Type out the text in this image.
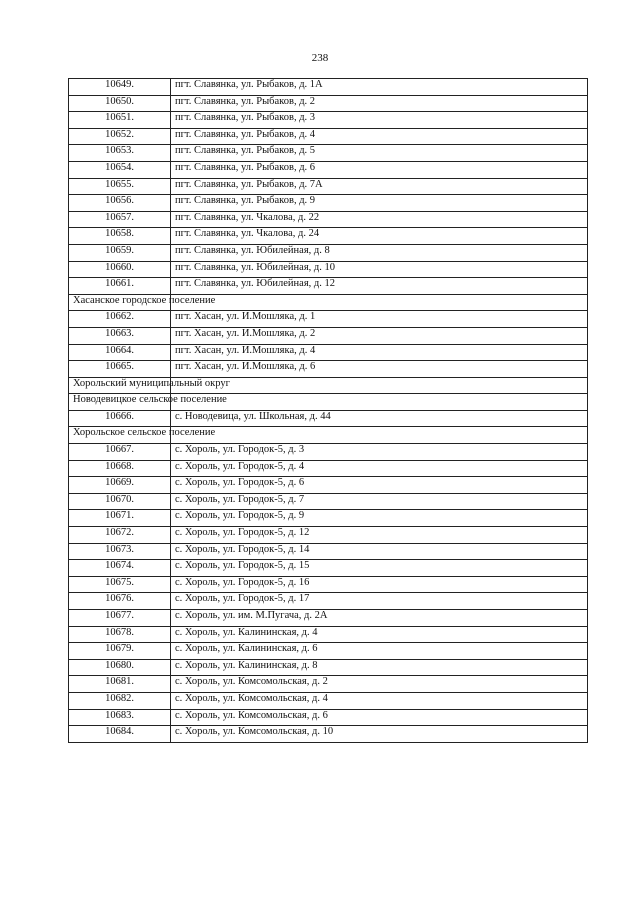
238
10649.	пгт. Славянка, ул. Рыбаков, д. 1А
10650.	пгт. Славянка, ул. Рыбаков, д. 2
10651.	пгт. Славянка, ул. Рыбаков, д. 3
10652.	пгт. Славянка, ул. Рыбаков, д. 4
10653.	пгт. Славянка, ул. Рыбаков, д. 5
10654.	пгт. Славянка, ул. Рыбаков, д. 6
10655.	пгт. Славянка, ул. Рыбаков, д. 7А
10656.	пгт. Славянка, ул. Рыбаков, д. 9
10657.	пгт. Славянка, ул. Чкалова, д. 22
10658.	пгт. Славянка, ул. Чкалова, д. 24
10659.	пгт. Славянка, ул. Юбилейная, д. 8
10660.	пгт. Славянка, ул. Юбилейная, д. 10
10661.	пгт. Славянка, ул. Юбилейная, д. 12
Хасанское городское поселение	
10662.	пгт. Хасан, ул. И.Мошляка, д. 1
10663.	пгт. Хасан, ул. И.Мошляка, д. 2
10664.	пгт. Хасан, ул. И.Мошляка, д. 4
10665.	пгт. Хасан, ул. И.Мошляка, д. 6
Хорольский муниципальный округ	
Новодевицкое сельское поселение	
10666.	с. Новодевица, ул. Школьная, д. 44
Хорольское сельское поселение	
10667.	с. Хороль, ул. Городок-5, д. 3
10668.	с. Хороль, ул. Городок-5, д. 4
10669.	с. Хороль, ул. Городок-5, д. 6
10670.	с. Хороль, ул. Городок-5, д. 7
10671.	с. Хороль, ул. Городок-5, д. 9
10672.	с. Хороль, ул. Городок-5, д. 12
10673.	с. Хороль, ул. Городок-5, д. 14
10674.	с. Хороль, ул. Городок-5, д. 15
10675.	с. Хороль, ул. Городок-5, д. 16
10676.	с. Хороль, ул. Городок-5, д. 17
10677.	с. Хороль, ул. им. М.Пугача, д. 2А
10678.	с. Хороль, ул. Калининская, д. 4
10679.	с. Хороль, ул. Калининская, д. 6
10680.	с. Хороль, ул. Калининская, д. 8
10681.	с. Хороль, ул. Комсомольская, д. 2
10682.	с. Хороль, ул. Комсомольская, д. 4
10683.	с. Хороль, ул. Комсомольская, д. 6
10684.	с. Хороль, ул. Комсомольская, д. 10
